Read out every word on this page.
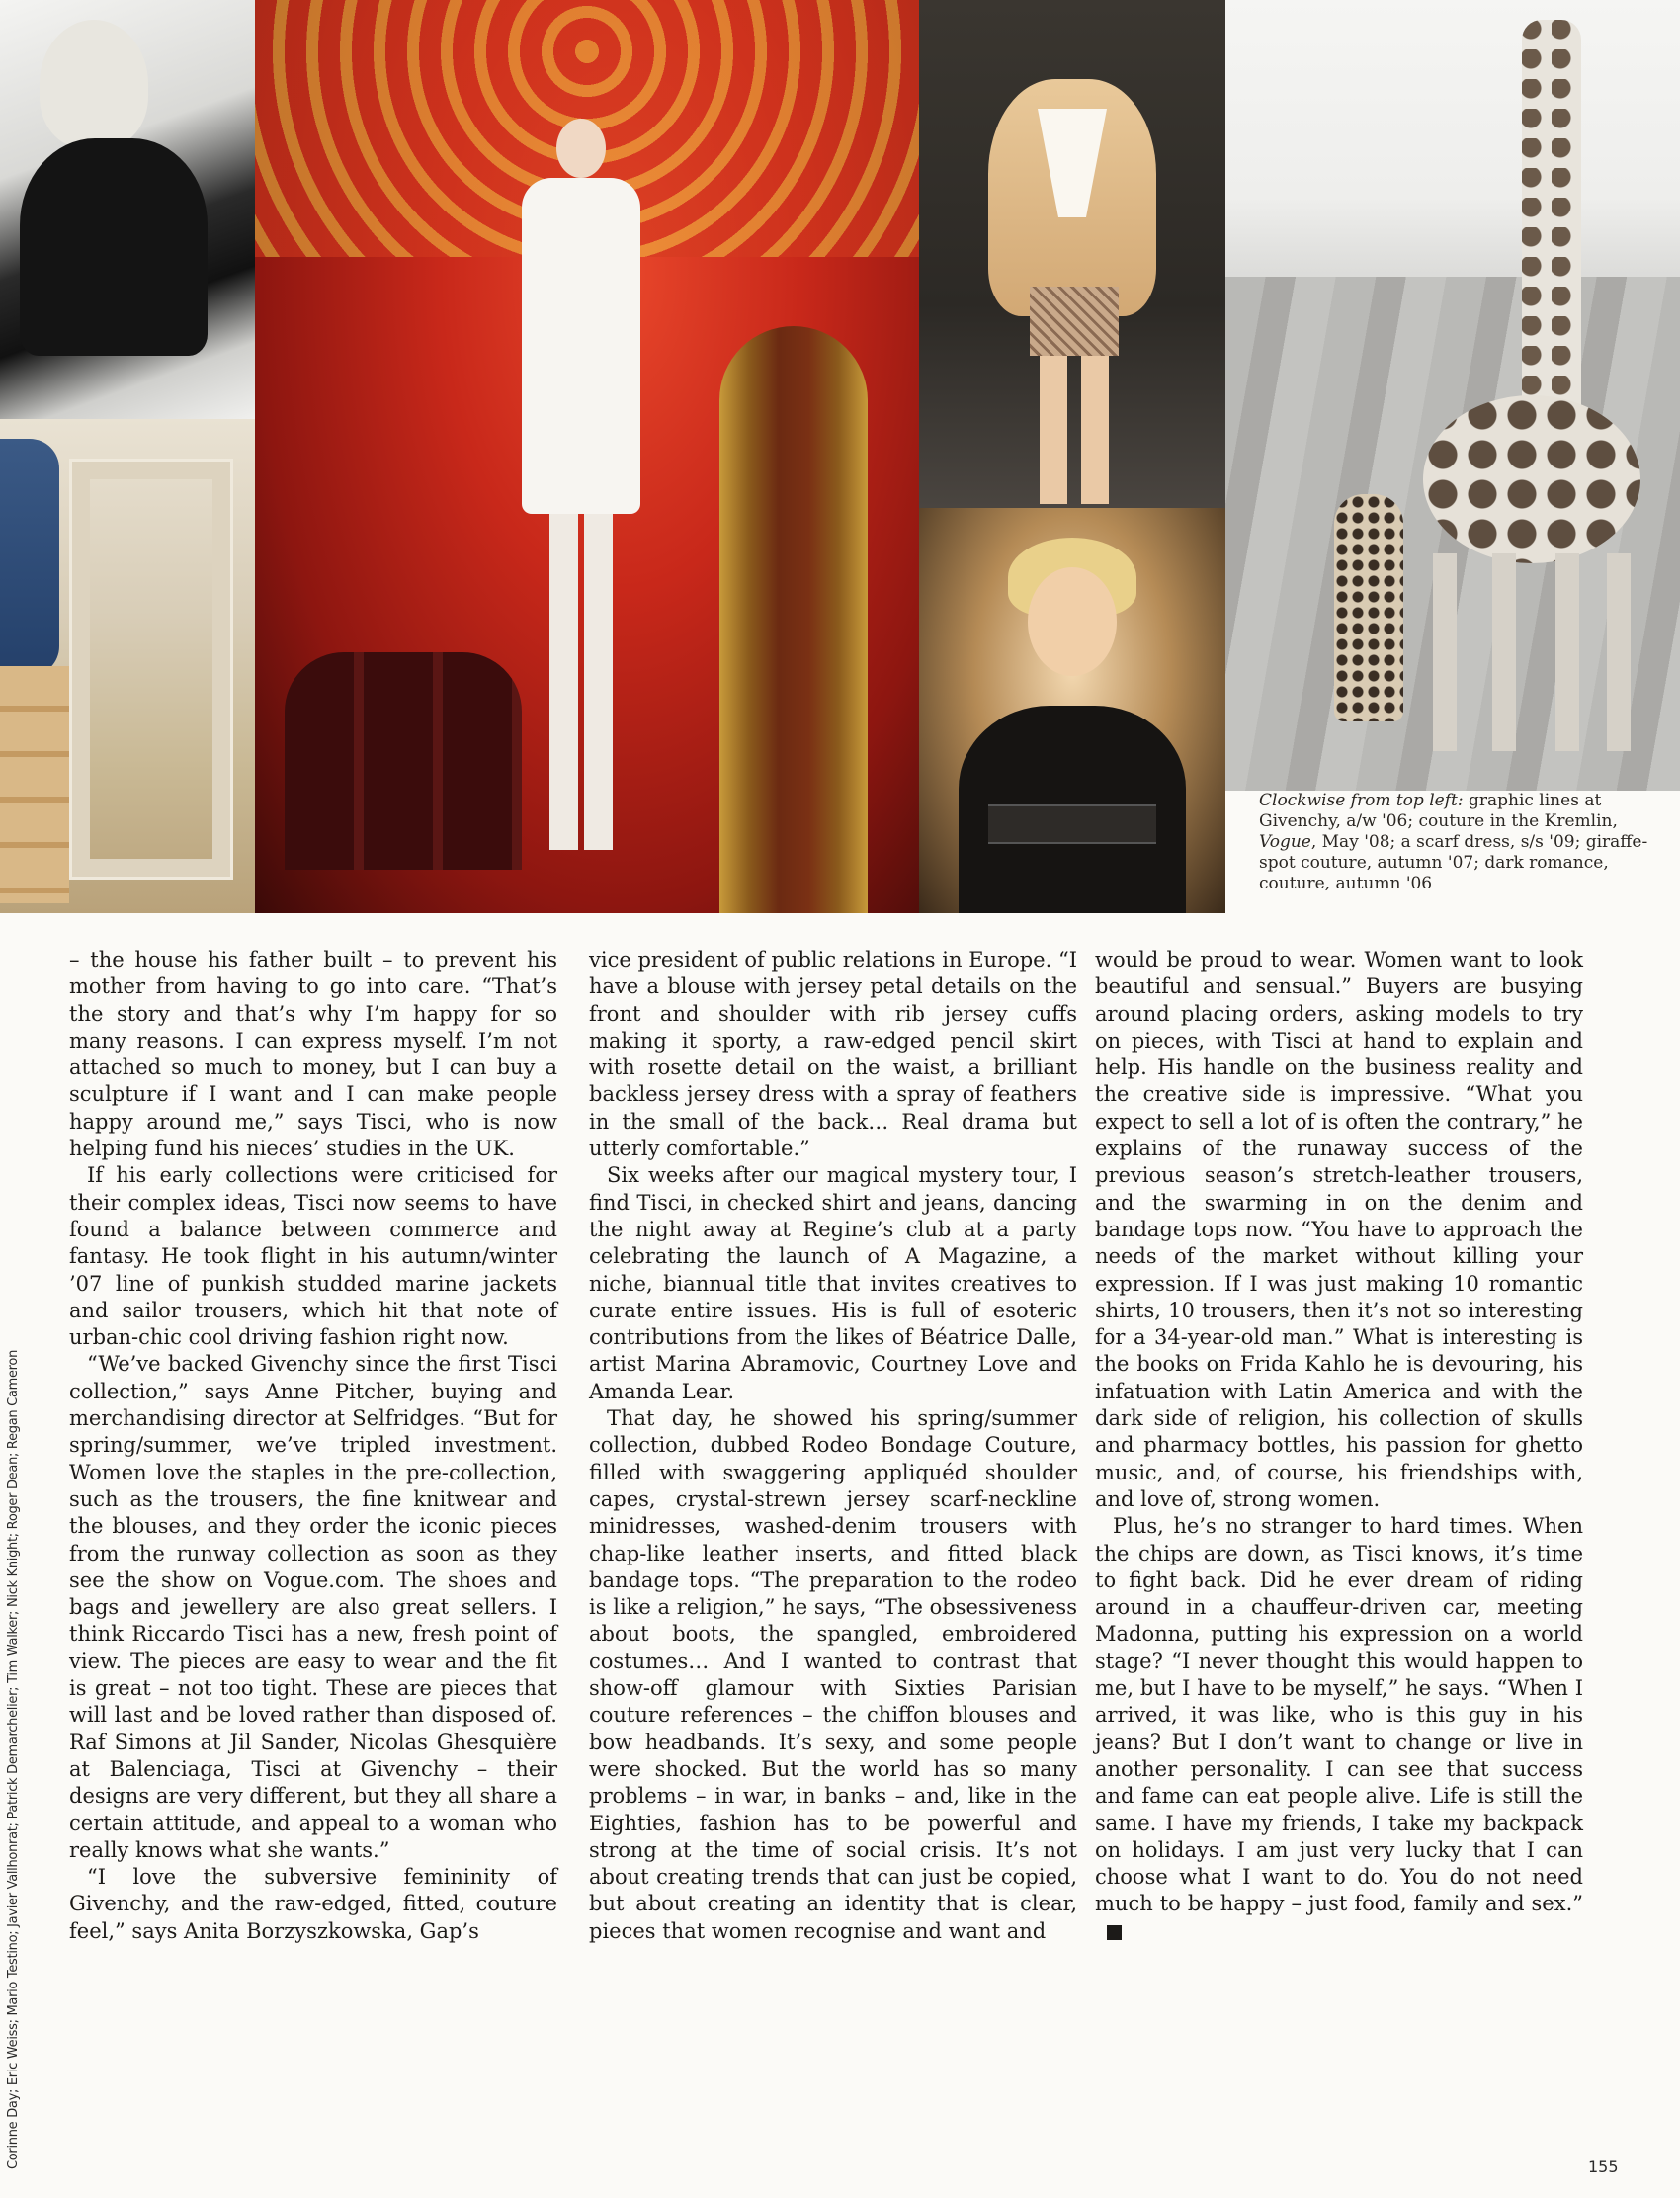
Clockwise from top left: graphic lines at Givenchy, a/w '06; couture in the Kremlin, Vogue, May '08; a scarf dress, s/s '09; giraffe-spot couture, autumn '07; dark romance, couture, autumn '06

– the house his father built – to prevent his mother from having to go into care. “That’s the story and that’s why I’m happy for so many reasons. I can express myself. I’m not attached so much to money, but I can buy a sculpture if I want and I can make people happy around me,” says Tisci, who is now helping fund his nieces’ studies in the UK.

If his early collections were criticised for their complex ideas, Tisci now seems to have found a balance between commerce and fantasy. He took flight in his autumn/winter ’07 line of punkish studded marine jackets and sailor trousers, which hit that note of urban-chic cool driving fashion right now.

“We’ve backed Givenchy since the first Tisci collection,” says Anne Pitcher, buying and merchandising director at Selfridges. “But for spring/summer, we’ve tripled investment. Women love the staples in the pre-collection, such as the trousers, the fine knitwear and the blouses, and they order the iconic pieces from the runway collection as soon as they see the show on Vogue.com. The shoes and bags and jewellery are also great sellers. I think Riccardo Tisci has a new, fresh point of view. The pieces are easy to wear and the fit is great – not too tight. These are pieces that will last and be loved rather than disposed of. Raf Simons at Jil Sander, Nicolas Ghesquière at Balenciaga, Tisci at Givenchy – their designs are very different, but they all share a certain attitude, and appeal to a woman who really knows what she wants.”

“I love the subversive femininity of Givenchy, and the raw-edged, fitted, couture feel,” says Anita Borzyszkowska, Gap’s

vice president of public relations in Europe. “I have a blouse with jersey petal details on the front and shoulder with rib jersey cuffs making it sporty, a raw-edged pencil skirt with rosette detail on the waist, a brilliant backless jersey dress with a spray of feathers in the small of the back… Real drama but utterly comfortable.”

Six weeks after our magical mystery tour, I find Tisci, in checked shirt and jeans, dancing the night away at Regine’s club at a party celebrating the launch of A Magazine, a niche, biannual title that invites creatives to curate entire issues. His is full of esoteric contributions from the likes of Béatrice Dalle, artist Marina Abramovic, Courtney Love and Amanda Lear.

That day, he showed his spring/summer collection, dubbed Rodeo Bondage Couture, filled with swaggering appliquéd shoulder capes, crystal-strewn jersey scarf-neckline minidresses, washed-denim trousers with chap-like leather inserts, and fitted black bandage tops. “The preparation to the rodeo is like a religion,” he says, “The obsessiveness about boots, the spangled, embroidered costumes… And I wanted to contrast that show-off glamour with Sixties Parisian couture references – the chiffon blouses and bow headbands. It’s sexy, and some people were shocked. But the world has so many problems – in war, in banks – and, like in the Eighties, fashion has to be powerful and strong at the time of social crisis. It’s not about creating trends that can just be copied, but about creating an identity that is clear, pieces that women recognise and want and

would be proud to wear. Women want to look beautiful and sensual.” Buyers are busying around placing orders, asking models to try on pieces, with Tisci at hand to explain and help. His handle on the business reality and the creative side is impressive. “What you expect to sell a lot of is often the contrary,” he explains of the runaway success of the previous season’s stretch-leather trousers, and the swarming in on the denim and bandage tops now. “You have to approach the needs of the market without killing your expression. If I was just making 10 romantic shirts, 10 trousers, then it’s not so interesting for a 34-year-old man.” What is interesting is the books on Frida Kahlo he is devouring, his infatuation with Latin America and with the dark side of religion, his collection of skulls and pharmacy bottles, his passion for ghetto music, and, of course, his friendships with, and love of, strong women.

Plus, he’s no stranger to hard times. When the chips are down, as Tisci knows, it’s time to fight back. Did he ever dream of riding around in a chauffeur-driven car, meeting Madonna, putting his expression on a world stage? “I never thought this would happen to me, but I have to be myself,” he says. “When I arrived, it was like, who is this guy in his jeans? But I don’t want to change or live in another personality. I can see that success and fame can eat people alive. Life is still the same. I have my friends, I take my backpack on holidays. I am just very lucky that I can choose what I want to do. You do not need much to be happy – just food, family and sex.”

Corinne Day; Eric Weiss; Mario Testino; Javier Vallhonrat; Patrick Demarchelier; Tim Walker; Nick Knight; Roger Dean; Regan Cameron	155
